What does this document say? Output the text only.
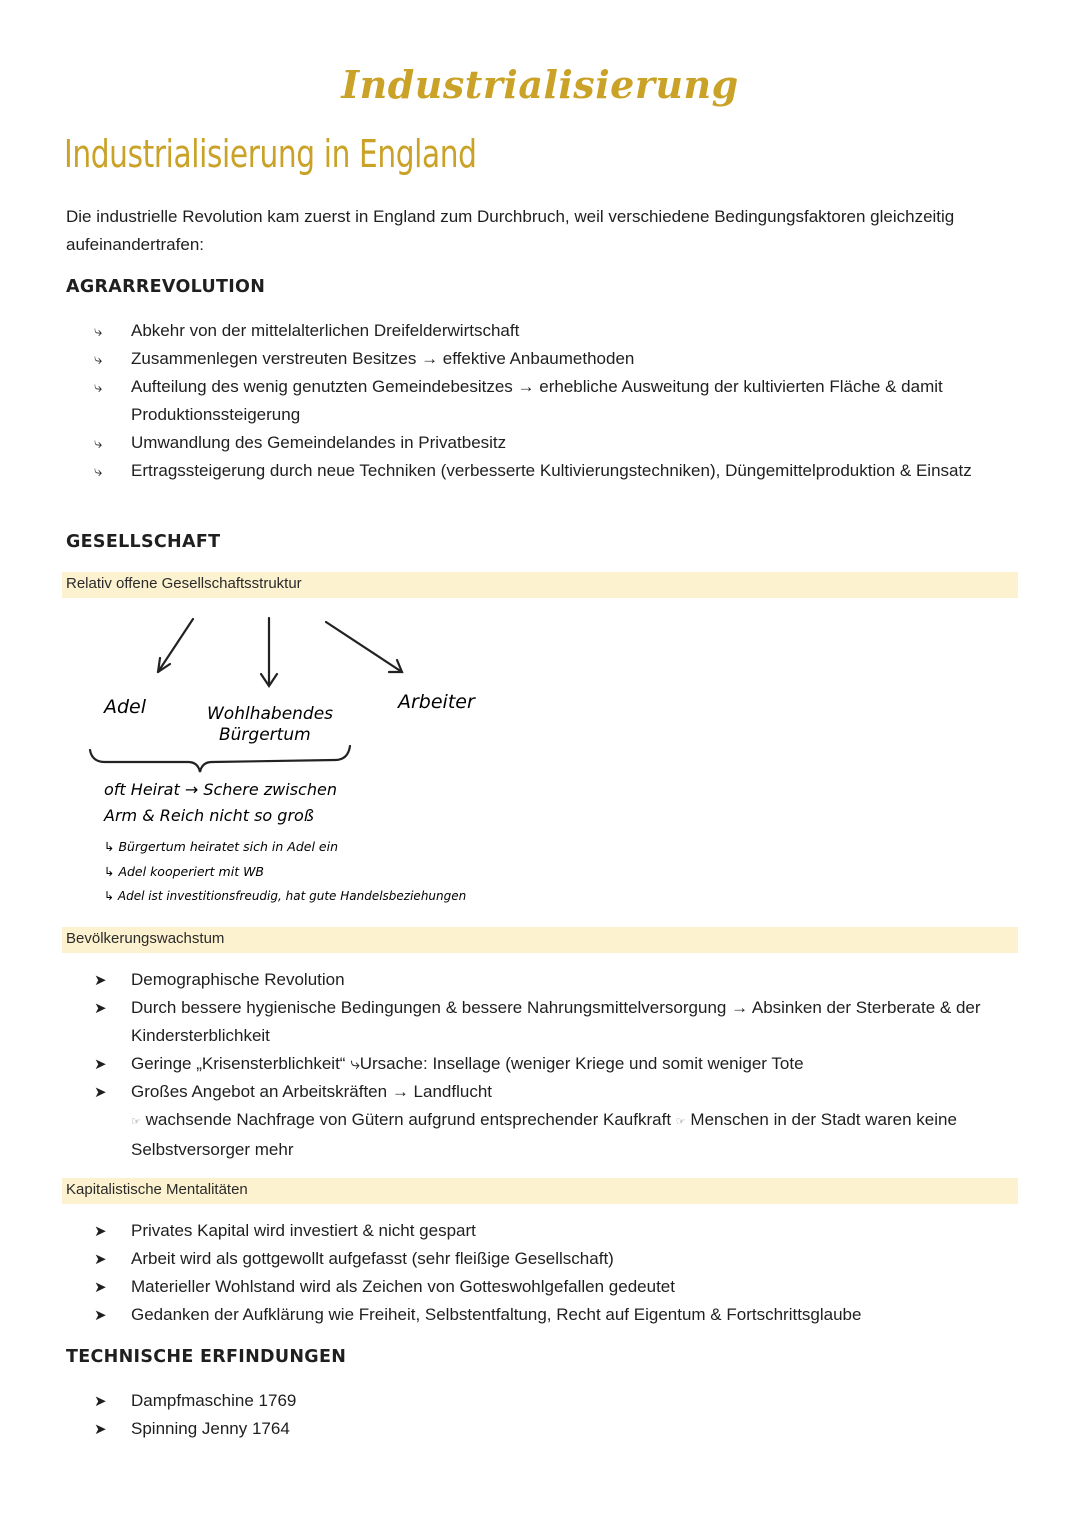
Industrialisierung
Industrialisierung in England
Die industrielle Revolution kam zuerst in England zum Durchbruch, weil verschiedene Bedingungsfaktoren gleichzeitig aufeinandertrafen:
AGRARREVOLUTION
⤷	Abkehr von der mittelalterlichen Dreifelderwirtschaft
⤷	Zusammenlegen verstreuten Besitzes → effektive Anbaumethoden
⤷	Aufteilung des wenig genutzten Gemeindebesitzes → erhebliche Ausweitung der kultivierten Fläche & damit Produktionssteigerung
⤷	Umwandlung des Gemeindelandes in Privatbesitz
⤷	Ertragssteigerung durch neue Techniken (verbesserte Kultivierungstechniken), Düngemittelproduktion & Einsatz
GESELLSCHAFT
Relativ offene Gesellschaftsstruktur
Adel	Wohlhabendes
Bürgertum
Arbeiter
oft Heirat → Schere zwischen
Arm & Reich nicht so groß
↳ Bürgertum heiratet sich in Adel ein
↳ Adel kooperiert mit WB
↳ Adel ist investitionsfreudig, hat gute Handelsbeziehungen
Bevölkerungswachstum
➤	Demographische Revolution
➤	Durch bessere hygienische Bedingungen & bessere Nahrungsmittelversorgung → Absinken der Sterberate & der Kindersterblichkeit
➤	Geringe „Krisensterblichkeit“ ⤷Ursache: Insellage (weniger Kriege und somit weniger Tote
➤	Großes Angebot an Arbeitskräften → Landflucht
☞ wachsende Nachfrage von Gütern aufgrund entsprechender Kaufkraft ☞ Menschen in der Stadt waren keine Selbstversorger mehr
Kapitalistische Mentalitäten
➤	Privates Kapital wird investiert & nicht gespart
➤	Arbeit wird als gottgewollt aufgefasst (sehr fleißige Gesellschaft)
➤	Materieller Wohlstand wird als Zeichen von Gotteswohlgefallen gedeutet
➤	Gedanken der Aufklärung wie Freiheit, Selbstentfaltung, Recht auf Eigentum & Fortschrittsglaube
TECHNISCHE ERFINDUNGEN
➤	Dampfmaschine 1769
➤	Spinning Jenny 1764
